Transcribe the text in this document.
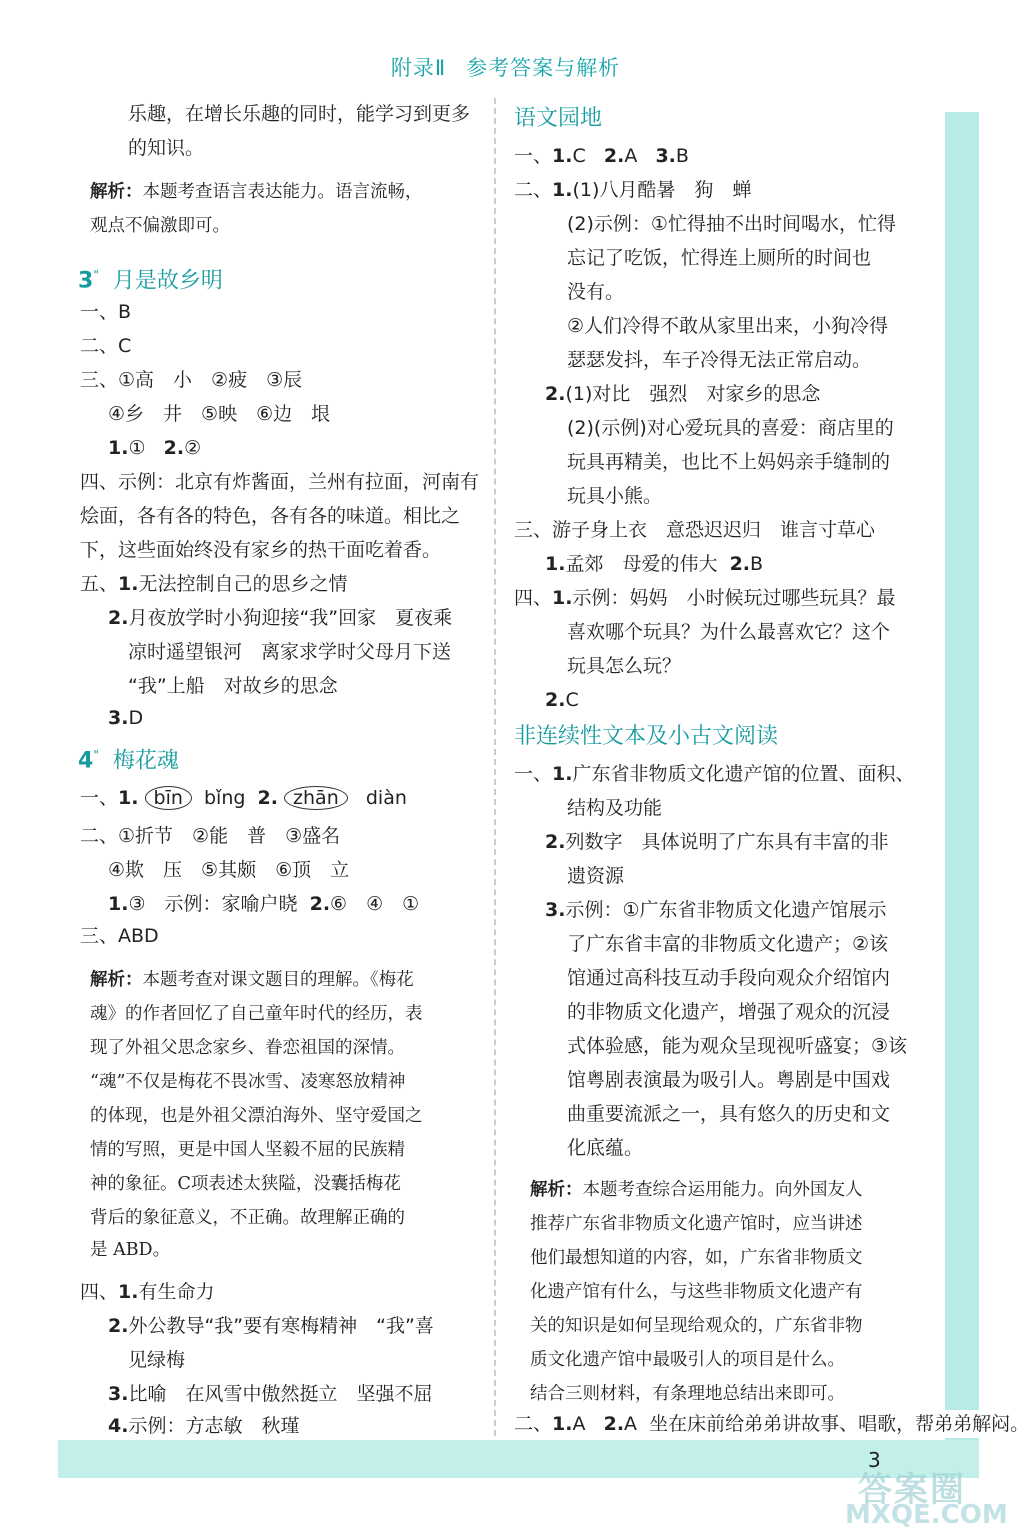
附录Ⅱ 参考答案与解析
乐趣，在增长乐趣的同时，能学习到更多
的知识。
解析：本题考查语言表达能力。语言流畅，
观点不偏激即可。
3" 月是故乡明
一、B
二、C
三、①高　小　②疲　③辰
④乡　井　⑤映　⑥边　垠
1.① 2.②
四、示例：北京有炸酱面，兰州有拉面，河南有
烩面，各有各的特色，各有各的味道。相比之
下，这些面始终没有家乡的热干面吃着香。
五、1.无法控制自己的思乡之情
2.月夜放学时小狗迎接“我”回家　夏夜乘
凉时遥望银河　离家求学时父母月下送
“我”上船　对故乡的思念
3.D
4" 梅花魂
一、1. bīn bǐng 2. zhān diàn
二、①折节　②能　普　③盛名
④欺　压　⑤其颇　⑥顶　立
1.③　示例：家喻户晓 2.⑥　④　①
三、ABD
解析：本题考查对课文题目的理解。《梅花
魂》的作者回忆了自己童年时代的经历，表
现了外祖父思念家乡、眷恋祖国的深情。
“魂”不仅是梅花不畏冰雪、凌寒怒放精神
的体现，也是外祖父漂泊海外、坚守爱国之
情的写照，更是中国人坚毅不屈的民族精
神的象征。C项表述太狭隘，没囊括梅花
背后的象征意义，不正确。故理解正确的
是 ABD。
四、1.有生命力
2.外公教导“我”要有寒梅精神　“我”喜
见绿梅
3.比喻　在风雪中傲然挺立　坚强不屈
4.示例：方志敏　秋瑾
语文园地
一、1.C 2.A 3.B
二、1.(1)八月酷暑　狗　蝉
(2)示例：①忙得抽不出时间喝水，忙得
忘记了吃饭，忙得连上厕所的时间也
没有。
②人们冷得不敢从家里出来，小狗冷得
瑟瑟发抖，车子冷得无法正常启动。
2.(1)对比　强烈　对家乡的思念
(2)(示例)对心爱玩具的喜爱：商店里的
玩具再精美，也比不上妈妈亲手缝制的
玩具小熊。
三、游子身上衣　意恐迟迟归　谁言寸草心
1.孟郊　母爱的伟大 2.B
四、1.示例：妈妈　小时候玩过哪些玩具？最
喜欢哪个玩具？为什么最喜欢它？这个
玩具怎么玩？
2.C
非连续性文本及小古文阅读
一、1.广东省非物质文化遗产馆的位置、面积、
结构及功能
2.列数字　具体说明了广东具有丰富的非
遗资源
3.示例：①广东省非物质文化遗产馆展示
了广东省丰富的非物质文化遗产；②该
馆通过高科技互动手段向观众介绍馆内
的非物质文化遗产，增强了观众的沉浸
式体验感，能为观众呈现视听盛宴；③该
馆粤剧表演最为吸引人。粤剧是中国戏
曲重要流派之一，具有悠久的历史和文
化底蕴。
解析：本题考查综合运用能力。向外国友人
推荐广东省非物质文化遗产馆时，应当讲述
他们最想知道的内容，如，广东省非物质文
化遗产馆有什么，与这些非物质文化遗产有
关的知识是如何呈现给观众的，广东省非物
质文化遗产馆中最吸引人的项目是什么。
结合三则材料，有条理地总结出来即可。
二、1.A 2.A 坐在床前给弟弟讲故事、唱歌，帮弟弟解闷。
3
答案圈
MXQE.COM
